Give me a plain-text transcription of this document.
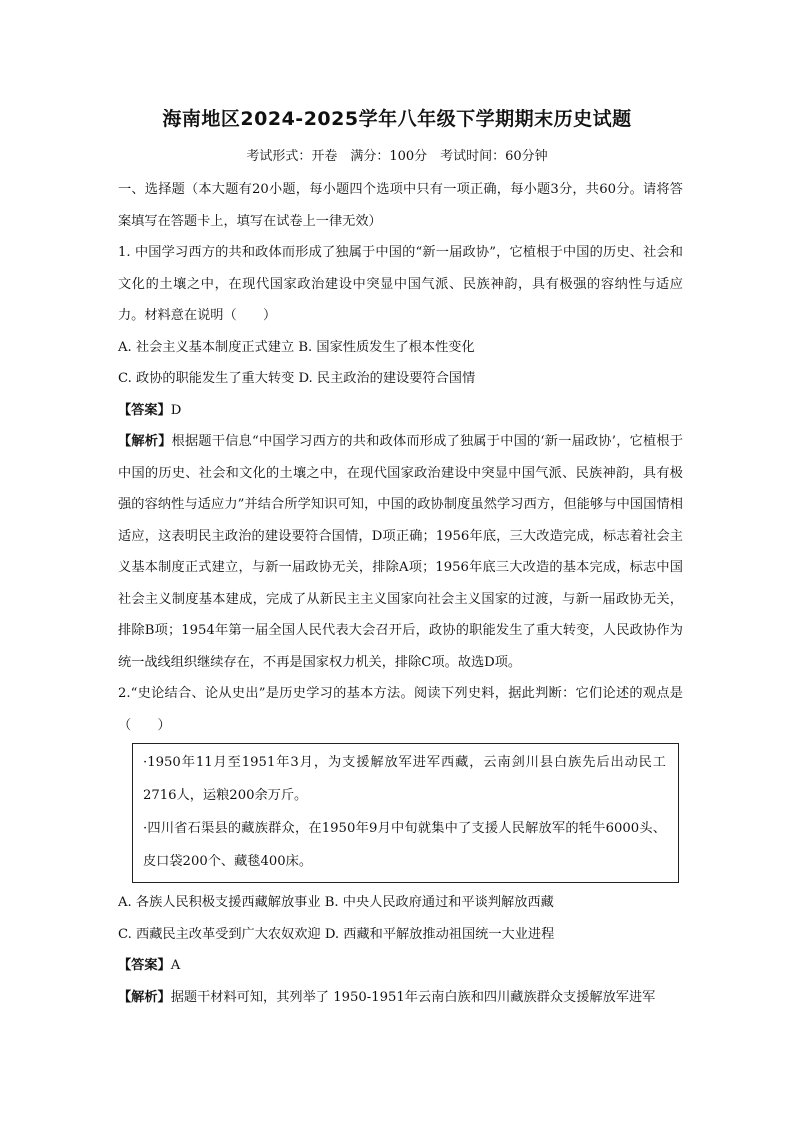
海南地区2024-2025学年八年级下学期期末历史试题
考试形式：开卷　满分：100分　考试时间：60分钟

一、选择题（本大题有20小题，每小题四个选项中只有一项正确，每小题3分，共60分。请将答案填写在答题卡上，填写在试卷上一律无效）

1. 中国学习西方的共和政体而形成了独属于中国的“新一届政协”，它植根于中国的历史、社会和文化的土壤之中，在现代国家政治建设中突显中国气派、民族神韵，具有极强的容纳性与适应力。材料意在说明（　　）

A. 社会主义基本制度正式建立 B. 国家性质发生了根本性变化

C. 政协的职能发生了重大转变 D. 民主政治的建设要符合国情

【答案】D

【解析】根据题干信息“中国学习西方的共和政体而形成了独属于中国的‘新一届政协’，它植根于中国的历史、社会和文化的土壤之中，在现代国家政治建设中突显中国气派、民族神韵，具有极强的容纳性与适应力”并结合所学知识可知，中国的政协制度虽然学习西方，但能够与中国国情相适应，这表明民主政治的建设要符合国情，D项正确；1956年底，三大改造完成，标志着社会主义基本制度正式建立，与新一届政协无关，排除A项；1956年底三大改造的基本完成，标志中国社会主义制度基本建成，完成了从新民主主义国家向社会主义国家的过渡，与新一届政协无关，排除B项；1954年第一届全国人民代表大会召开后，政协的职能发生了重大转变，人民政协作为统一战线组织继续存在，不再是国家权力机关，排除C项。故选D项。

2.“史论结合、论从史出”是历史学习的基本方法。阅读下列史料，据此判断：它们论述的观点是（　　）

·1950年11月至1951年3月，为支援解放军进军西藏，云南剑川县白族先后出动民工2716人，运粮200余万斤。

·四川省石渠县的藏族群众，在1950年9月中旬就集中了支援人民解放军的牦牛6000头、皮口袋200个、藏毯400床。

A. 各族人民积极支援西藏解放事业 B. 中央人民政府通过和平谈判解放西藏

C. 西藏民主改革受到广大农奴欢迎 D. 西藏和平解放推动祖国统一大业进程

【答案】A

【解析】据题干材料可知，其列举了 1950-1951年云南白族和四川藏族群众支援解放军进军
